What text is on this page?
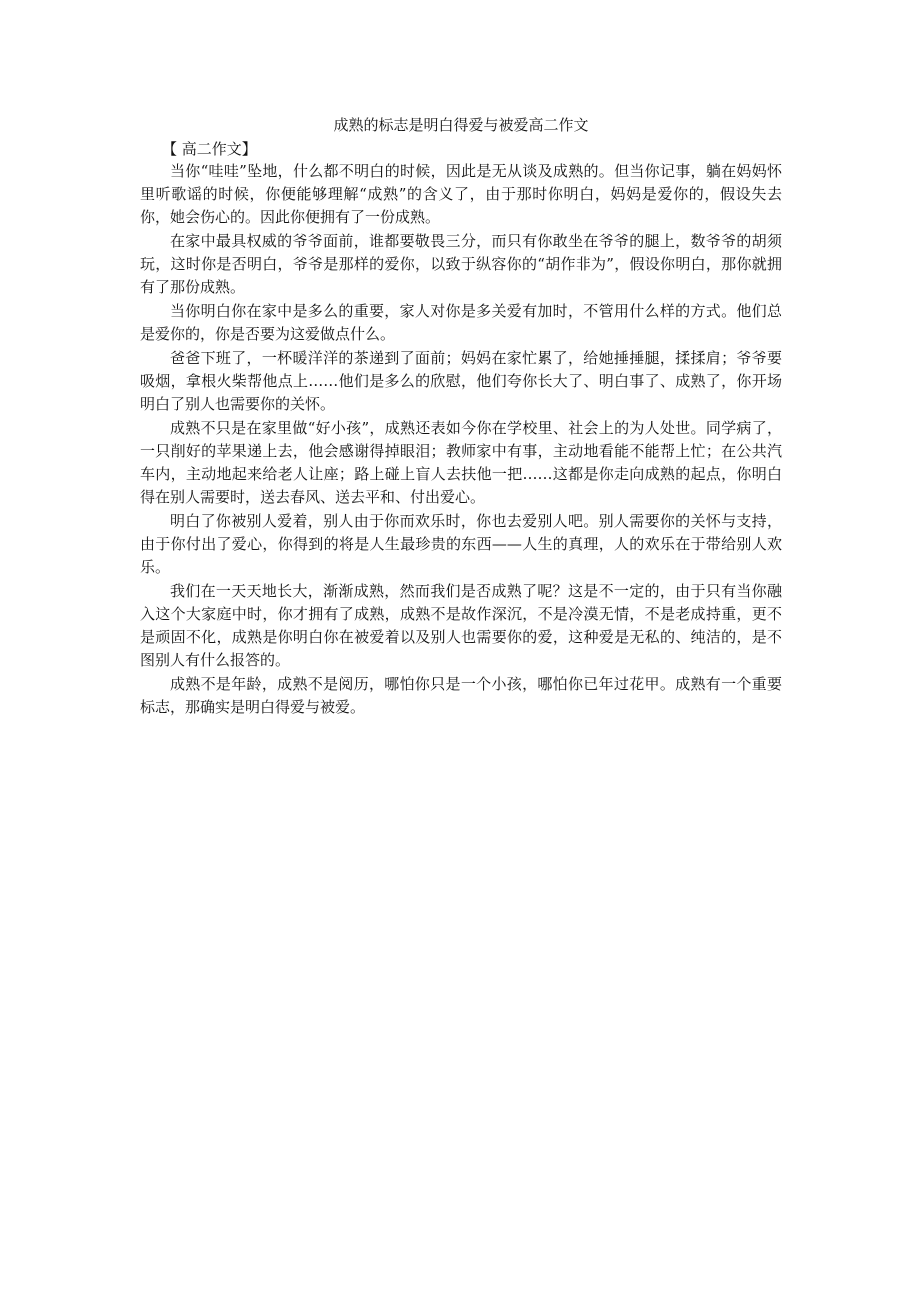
成熟的标志是明白得爱与被爱高二作文

【 高二作文】

当你“哇哇”坠地，什么都不明白的时候，因此是无从谈及成熟的。但当你记事，躺在妈妈怀里听歌谣的时候，你便能够理解“成熟”的含义了，由于那时你明白，妈妈是爱你的，假设失去你，她会伤心的。因此你便拥有了一份成熟。

在家中最具权威的爷爷面前，谁都要敬畏三分，而只有你敢坐在爷爷的腿上，数爷爷的胡须玩，这时你是否明白，爷爷是那样的爱你，以致于纵容你的“胡作非为”，假设你明白，那你就拥有了那份成熟。

当你明白你在家中是多么的重要，家人对你是多关爱有加时，不管用什么样的方式。他们总是爱你的，你是否要为这爱做点什么。

爸爸下班了，一杯暖洋洋的茶递到了面前；妈妈在家忙累了，给她捶捶腿，揉揉肩；爷爷要吸烟，拿根火柴帮他点上……他们是多么的欣慰，他们夸你长大了、明白事了、成熟了，你开场明白了别人也需要你的关怀。

成熟不只是在家里做“好小孩”，成熟还表如今你在学校里、社会上的为人处世。同学病了，一只削好的苹果递上去，他会感谢得掉眼泪；教师家中有事，主动地看能不能帮上忙；在公共汽车内，主动地起来给老人让座；路上碰上盲人去扶他一把……这都是你走向成熟的起点，你明白得在别人需要时，送去春风、送去平和、付出爱心。

明白了你被别人爱着，别人由于你而欢乐时，你也去爱别人吧。别人需要你的关怀与支持，由于你付出了爱心，你得到的将是人生最珍贵的东西——人生的真理，人的欢乐在于带给别人欢乐。

我们在一天天地长大，渐渐成熟，然而我们是否成熟了呢？这是不一定的，由于只有当你融入这个大家庭中时，你才拥有了成熟，成熟不是故作深沉，不是冷漠无情，不是老成持重，更不是顽固不化，成熟是你明白你在被爱着以及别人也需要你的爱，这种爱是无私的、纯洁的，是不图别人有什么报答的。

成熟不是年龄，成熟不是阅历，哪怕你只是一个小孩，哪怕你已年过花甲。成熟有一个重要标志，那确实是明白得爱与被爱。
